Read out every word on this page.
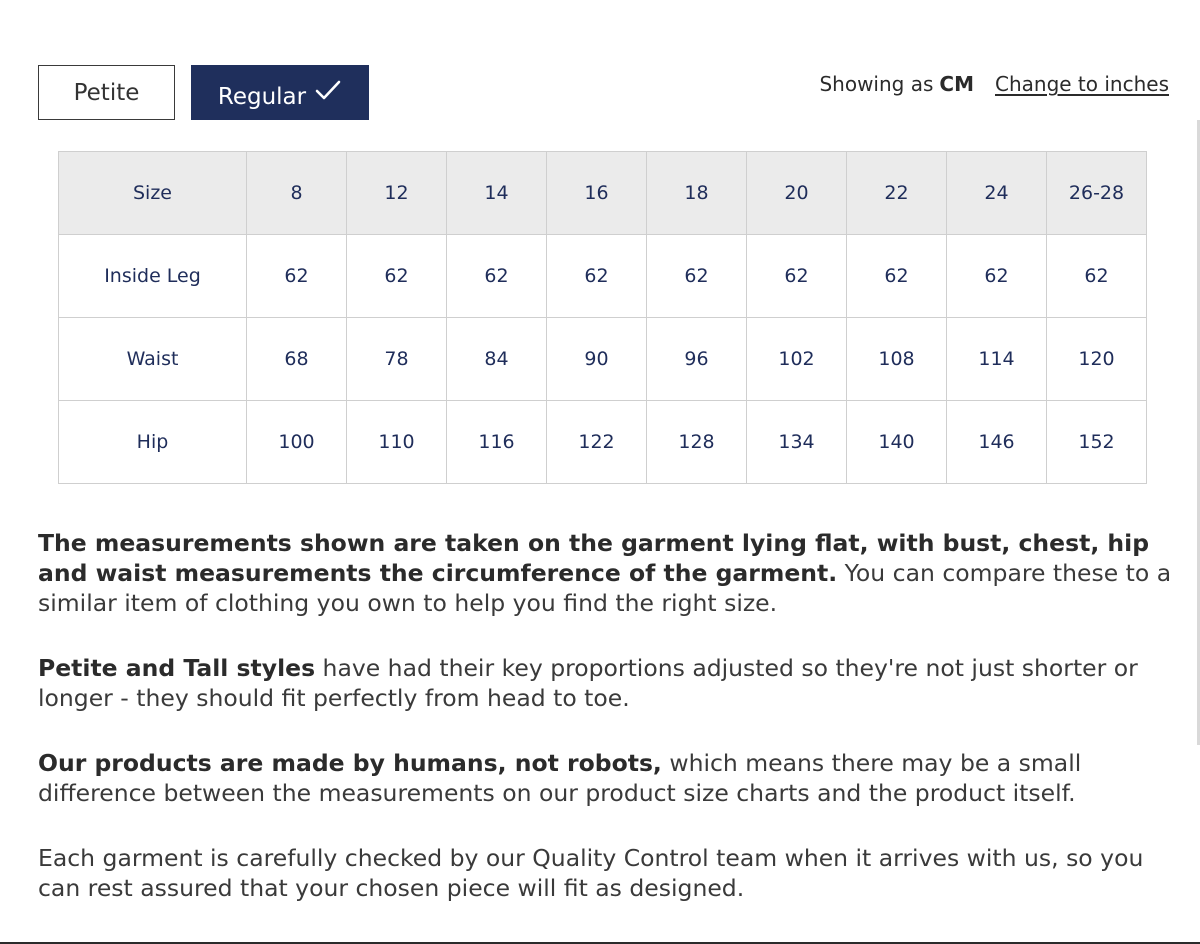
Petite	Regular	Showing as CM Change to inches
Size	8	12	14	16	18	20	22	24	26-28
Inside Leg	62	62	62	62	62	62	62	62	62
Waist	68	78	84	90	96	102	108	114	120
Hip	100	110	116	122	128	134	140	146	152

The measurements shown are taken on the garment lying flat, with bust, chest, hip and waist measurements the circumference of the garment. You can compare these to a similar item of clothing you own to help you find the right size.

Petite and Tall styles have had their key proportions adjusted so they're not just shorter or longer - they should fit perfectly from head to toe.

Our products are made by humans, not robots, which means there may be a small difference between the measurements on our product size charts and the product itself.

Each garment is carefully checked by our Quality Control team when it arrives with us, so you can rest assured that your chosen piece will fit as designed.
